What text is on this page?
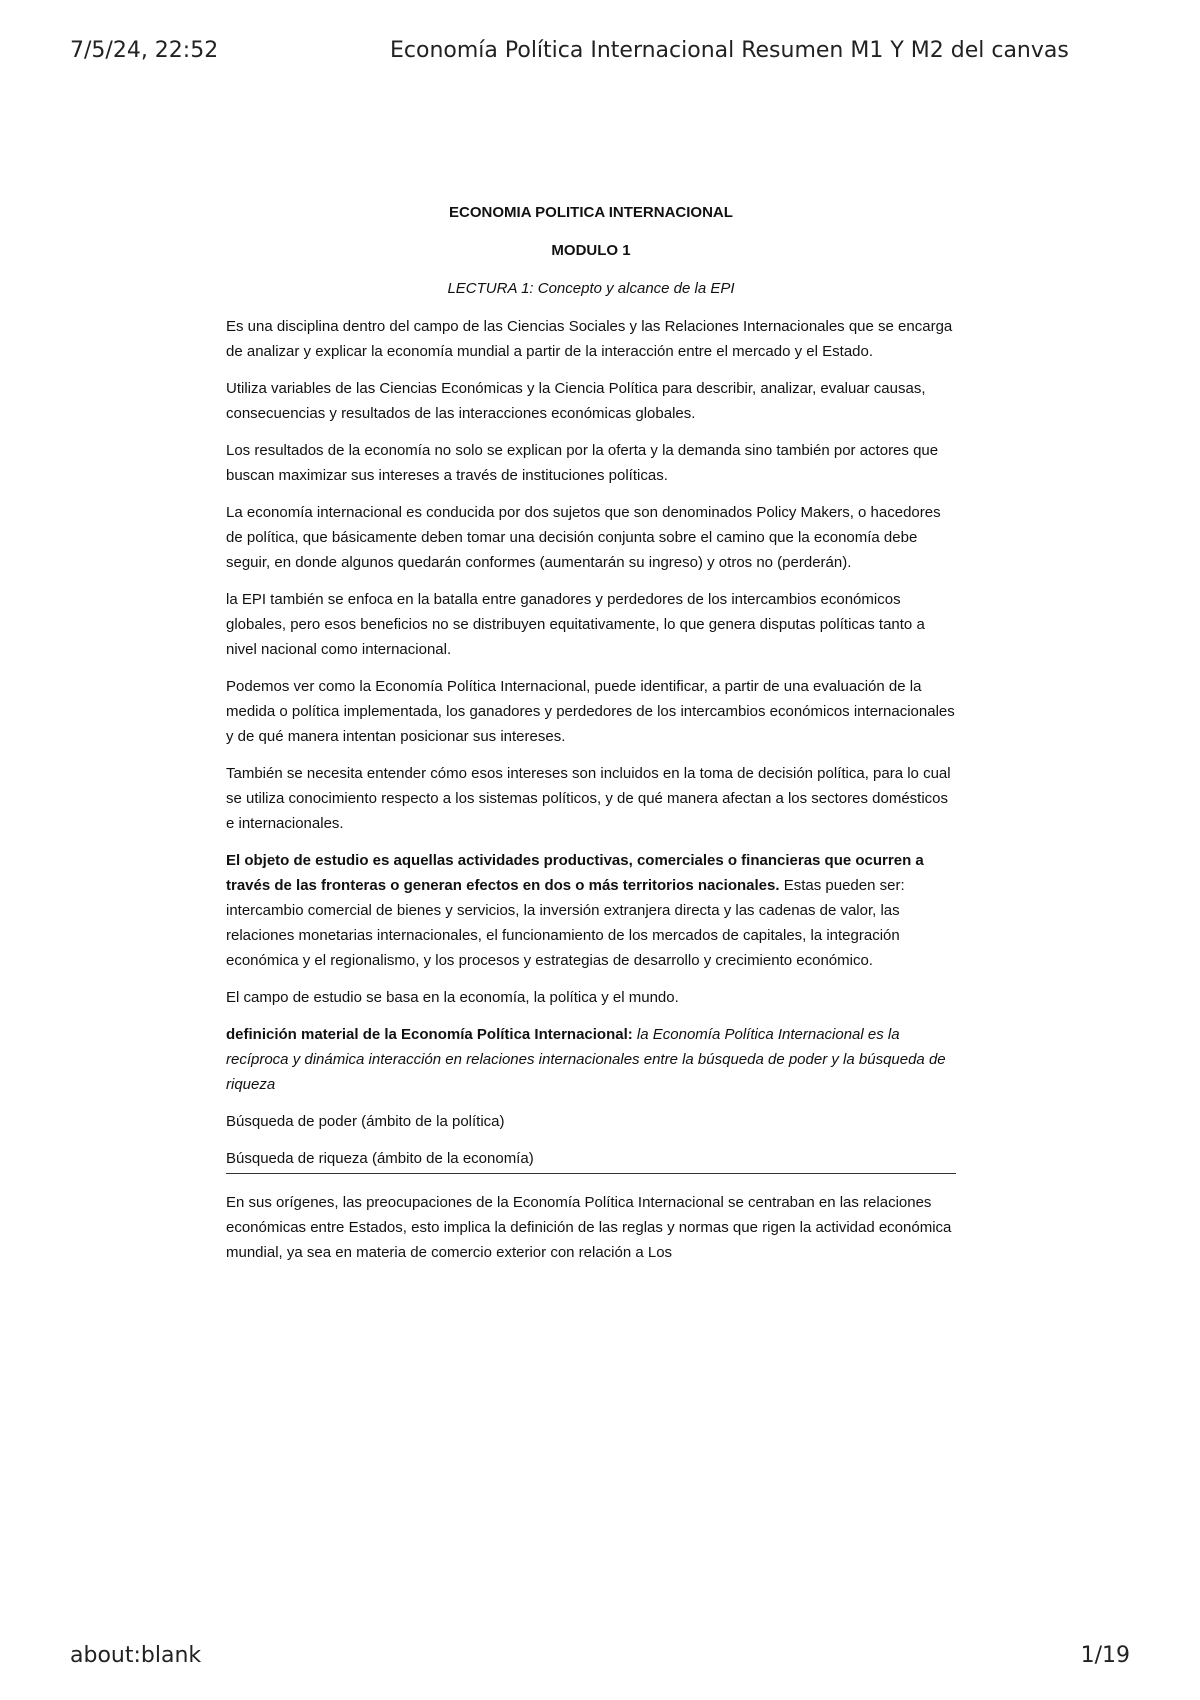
7/5/24, 22:52	Economía Política Internacional Resumen M1 Y M2 del canvas
ECONOMIA POLITICA INTERNACIONAL
MODULO 1
LECTURA 1: Concepto y alcance de la EPI

Es una disciplina dentro del campo de las Ciencias Sociales y las Relaciones Internacionales que se encarga de analizar y explicar la economía mundial a partir de la interacción entre el mercado y el Estado.

Utiliza variables de las Ciencias Económicas y la Ciencia Política para describir, analizar, evaluar causas, consecuencias y resultados de las interacciones económicas globales.

Los resultados de la economía no solo se explican por la oferta y la demanda sino también por actores que buscan maximizar sus intereses a través de instituciones políticas.

La economía internacional es conducida por dos sujetos que son denominados Policy Makers, o hacedores de política, que básicamente deben tomar una decisión conjunta sobre el camino que la economía debe seguir, en donde algunos quedarán conformes (aumentarán su ingreso) y otros no (perderán).

la EPI también se enfoca en la batalla entre ganadores y perdedores de los intercambios económicos globales, pero esos beneficios no se distribuyen equitativamente, lo que genera disputas políticas tanto a nivel nacional como internacional.

Podemos ver como la Economía Política Internacional, puede identificar, a partir de una evaluación de la medida o política implementada, los ganadores y perdedores de los intercambios económicos internacionales y de qué manera intentan posicionar sus intereses.

También se necesita entender cómo esos intereses son incluidos en la toma de decisión política, para lo cual se utiliza conocimiento respecto a los sistemas políticos, y de qué manera afectan a los sectores domésticos e internacionales.

El objeto de estudio es aquellas actividades productivas, comerciales o financieras que ocurren a través de las fronteras o generan efectos en dos o más territorios nacionales. Estas pueden ser: intercambio comercial de bienes y servicios, la inversión extranjera directa y las cadenas de valor, las relaciones monetarias internacionales, el funcionamiento de los mercados de capitales, la integración económica y el regionalismo, y los procesos y estrategias de desarrollo y crecimiento económico.

El campo de estudio se basa en la economía, la política y el mundo.

definición material de la Economía Política Internacional: la Economía Política Internacional es la recíproca y dinámica interacción en relaciones internacionales entre la búsqueda de poder y la búsqueda de riqueza

Búsqueda de poder (ámbito de la política)

Búsqueda de riqueza (ámbito de la economía)

En sus orígenes, las preocupaciones de la Economía Política Internacional se centraban en las relaciones económicas entre Estados, esto implica la definición de las reglas y normas que rigen la actividad económica mundial, ya sea en materia de comercio exterior con relación a Los

about:blank	1/19
